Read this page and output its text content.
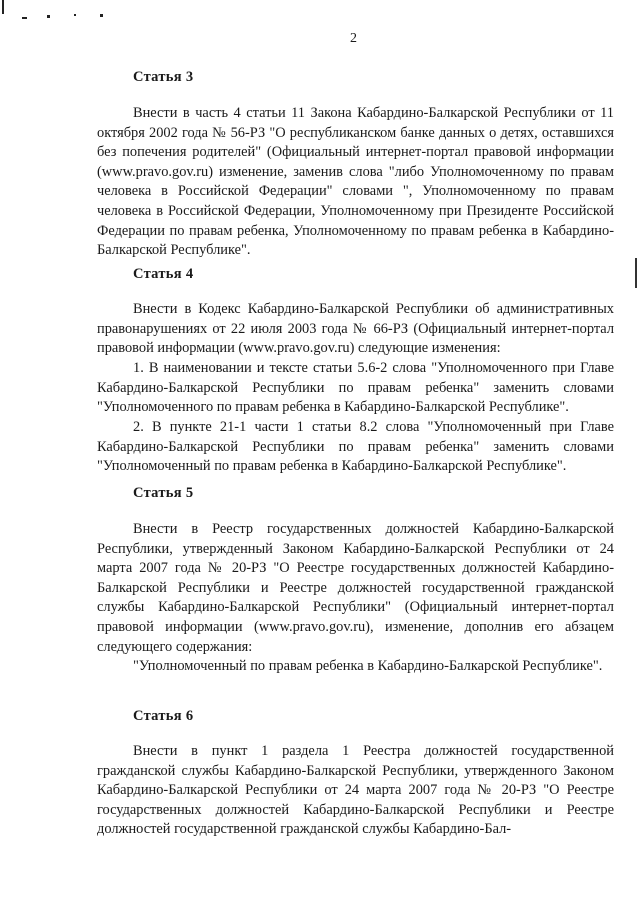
2
Статья 3

Внести в часть 4 статьи 11 Закона Кабардино-Балкарской Республики от 11 октября 2002 года № 56-РЗ "О республиканском банке данных о детях, оставшихся без попечения родителей" (Официальный интернет-портал правовой информации (www.pravo.gov.ru) изменение, заменив слова "либо Уполномоченному по правам человека в Российской Федерации" словами ", Уполномоченному по правам человека в Российской Федерации, Уполномоченному при Президенте Российской Федерации по правам ребенка, Уполномоченному по правам ребенка в Кабардино-Балкарской Республике".

Статья 4

Внести в Кодекс Кабардино-Балкарской Республики об административных правонарушениях от 22 июля 2003 года № 66-РЗ (Официальный интернет-портал правовой информации (www.pravo.gov.ru) следующие изменения:

1. В наименовании и тексте статьи 5.6-2 слова "Уполномоченного при Главе Кабардино-Балкарской Республики по правам ребенка" заменить словами "Уполномоченного по правам ребенка в Кабардино-Балкарской Республике".

2. В пункте 21-1 части 1 статьи 8.2 слова "Уполномоченный при Главе Кабардино-Балкарской Республики по правам ребенка" заменить словами "Уполномоченный по правам ребенка в Кабардино-Балкарской Республике".

Статья 5

Внести в Реестр государственных должностей Кабардино-Балкарской Республики, утвержденный Законом Кабардино-Балкарской Республики от 24 марта 2007 года № 20-РЗ "О Реестре государственных должностей Кабардино-Балкарской Республики и Реестре должностей государственной гражданской службы Кабардино-Балкарской Республики" (Официальный интернет-портал правовой информации (www.pravo.gov.ru), изменение, дополнив его абзацем следующего содержания:

"Уполномоченный по правам ребенка в Кабардино-Балкарской Республике".

Статья 6

Внести в пункт 1 раздела 1 Реестра должностей государственной гражданской службы Кабардино-Балкарской Республики, утвержденного Законом Кабардино-Балкарской Республики от 24 марта 2007 года № 20-РЗ "О Реестре государственных должностей Кабардино-Балкарской Республики и Реестре должностей государственной гражданской службы Кабардино-Бал-
